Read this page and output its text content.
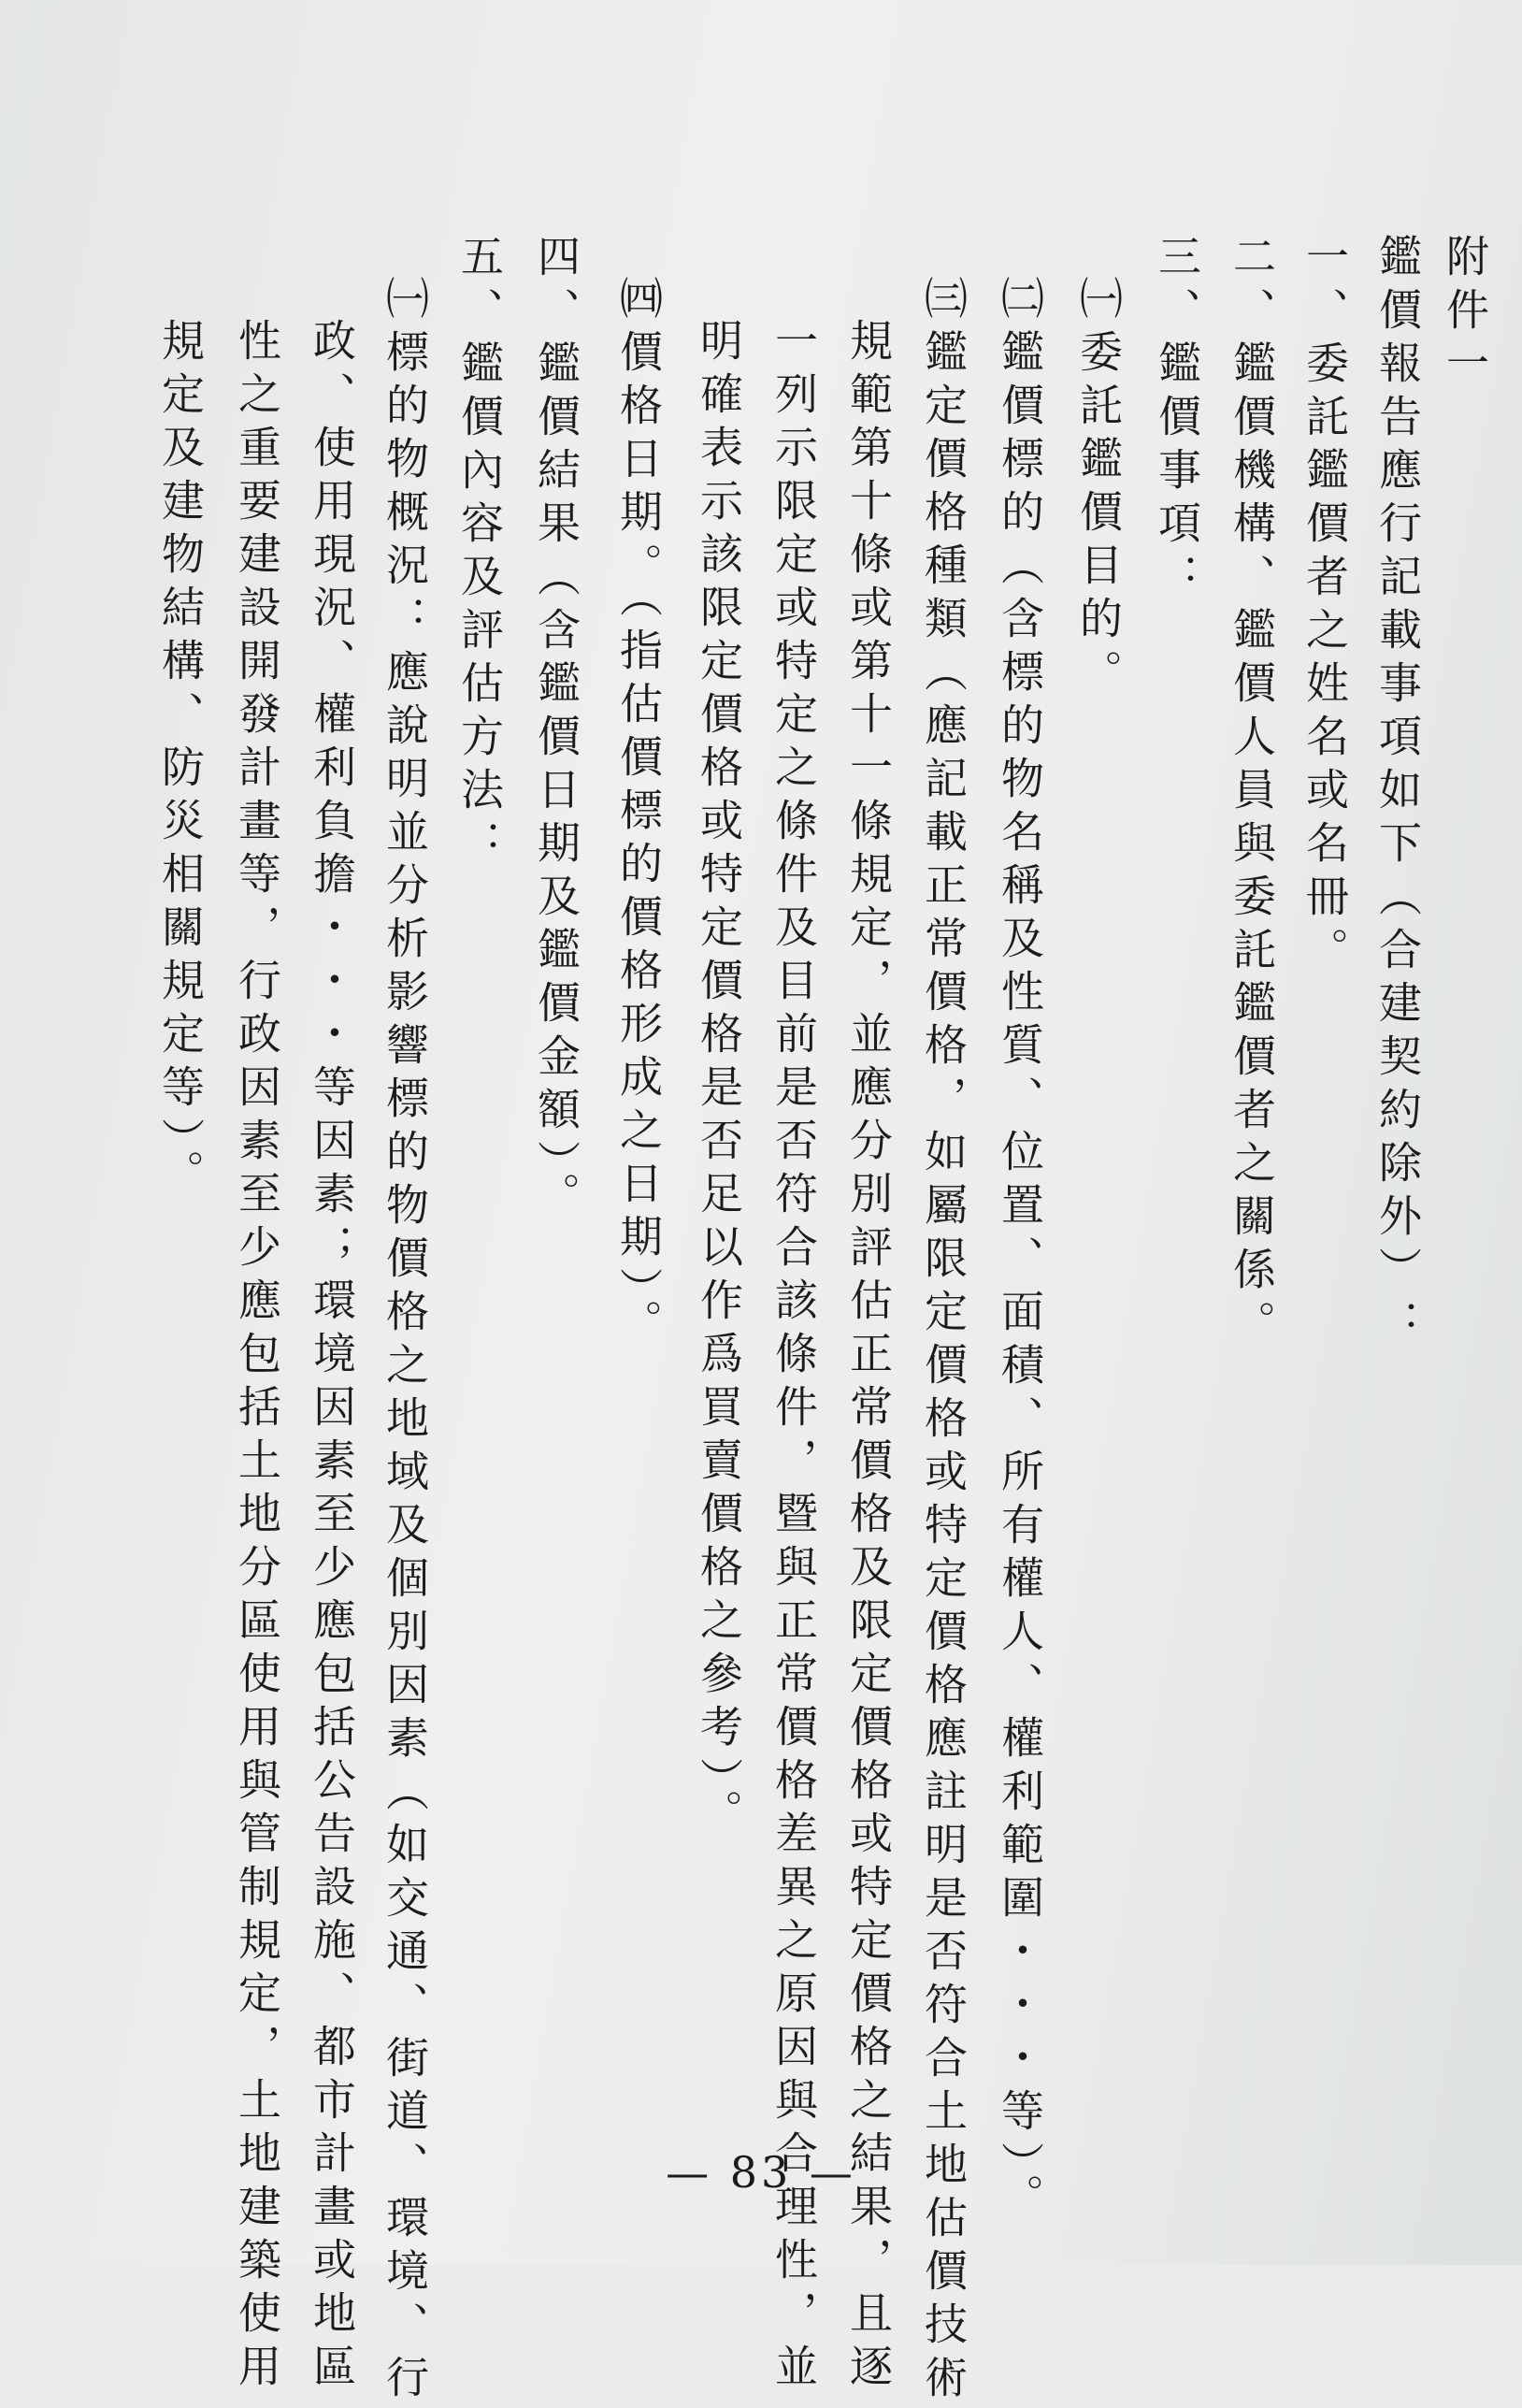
附件一

鑑價報告應行記載事項如下（合建契約除外）：

一、委託鑑價者之姓名或名冊。

二、鑑價機構、鑑價人員與委託鑑價者之關係。

三、鑑價事項：

㈠委託鑑價目的。

㈡鑑價標的（含標的物名稱及性質、位置、面積、所有權人、權利範圍・・・等）。

㈢鑑定價格種類（應記載正常價格，如屬限定價格或特定價格應註明是否符合土地估價技術

規範第十條或第十一條規定，並應分別評估正常價格及限定價格或特定價格之結果，且逐

一列示限定或特定之條件及目前是否符合該條件，暨與正常價格差異之原因與合理性，並

明確表示該限定價格或特定價格是否足以作爲買賣價格之參考）。

㈣價格日期。（指估價標的價格形成之日期）。

四、鑑價結果（含鑑價日期及鑑價金額）。

五、鑑價內容及評估方法：

㈠標的物概況：應說明並分析影響標的物價格之地域及個別因素（如交通、街道、環境、行

政、使用現況、權利負擔・・・等因素；環境因素至少應包括公告設施、都市計畫或地區

性之重要建設開發計畫等，行政因素至少應包括土地分區使用與管制規定，土地建築使用

規定及建物結構、防災相關規定等）。

— 83 —
